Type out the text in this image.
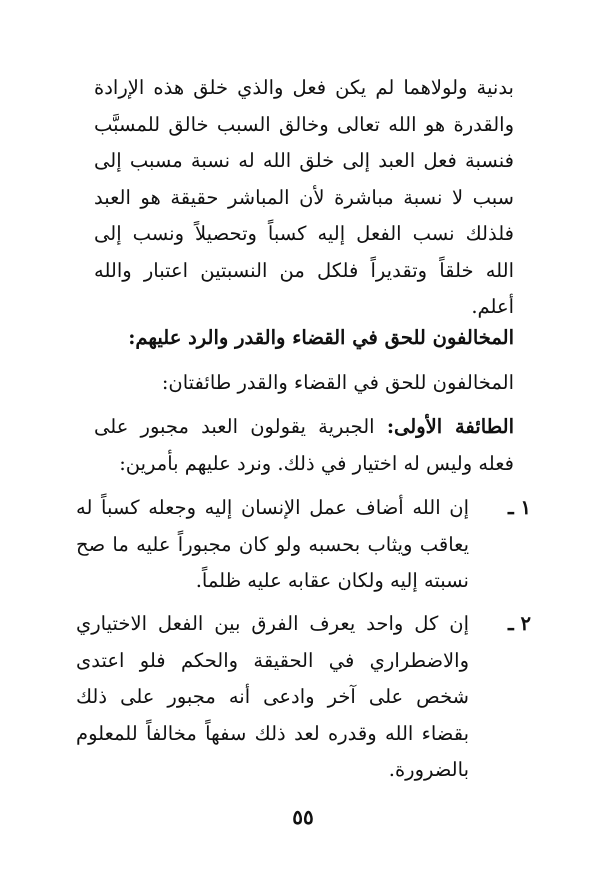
بدنية ولولاهما لم يكن فعل والذي خلق هذه الإرادة والقدرة هو الله تعالى وخالق السبب خالق للمسبَّب فنسبة فعل العبد إلى خلق الله له نسبة مسبب إلى سبب لا نسبة مباشرة لأن المباشر حقيقة هو العبد فلذلك نسب الفعل إليه كسباً وتحصيلاً ونسب إلى الله خلقاً وتقديراً فلكل من النسبتين اعتبار والله أعلم.

المخالفون للحق في القضاء والقدر والرد عليهم:
المخالفون للحق في القضاء والقدر طائفتان:

الطائفة الأولى: الجبرية يقولون العبد مجبور على فعله وليس له اختيار في ذلك. ونرد عليهم بأمرين:

١ ـ

إن الله أضاف عمل الإنسان إليه وجعله كسباً له يعاقب ويثاب بحسبه ولو كان مجبوراً عليه ما صح نسبته إليه ولكان عقابه عليه ظلماً.

٢ ـ

إن كل واحد يعرف الفرق بين الفعل الاختياري والاضطراري في الحقيقة والحكم فلو اعتدى شخص على آخر وادعى أنه مجبور على ذلك بقضاء الله وقدره لعد ذلك سفهاً مخالفاً للمعلوم بالضرورة.

٥٥
